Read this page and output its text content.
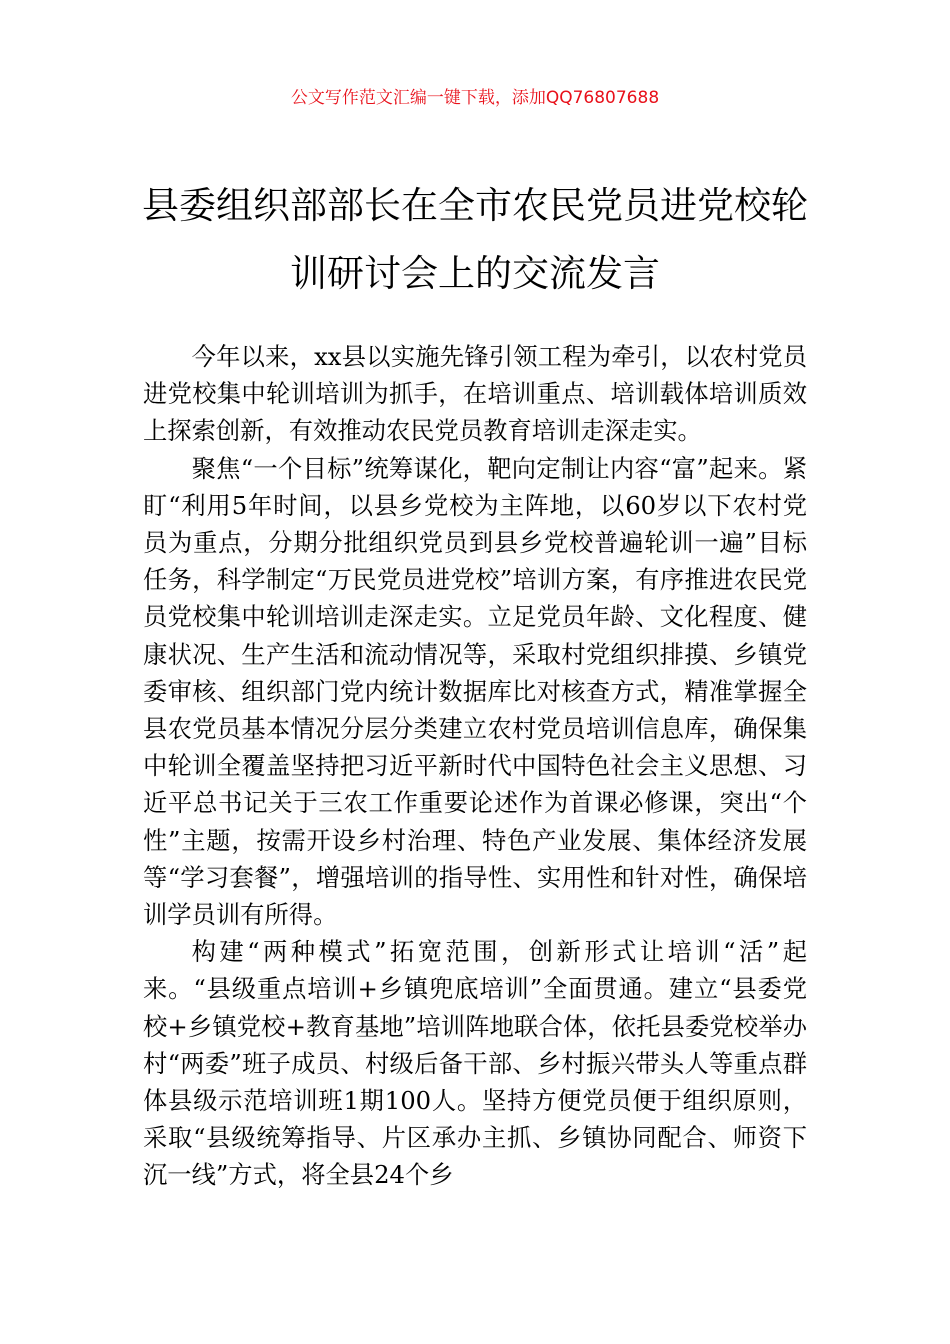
公文写作范文汇编一键下载，添加QQ76807688
县委组织部部长在全市农民党员进党校轮
训研讨会上的交流发言

今年以来，xx县以实施先锋引领工程为牵引，以农村党员进党校集中轮训培训为抓手，在培训重点、培训载体培训质效上探索创新，有效推动农民党员教育培训走深走实。

聚焦“一个目标”统筹谋化，靶向定制让内容“富”起来。紧盯“利用5年时间，以县乡党校为主阵地，以60岁以下农村党员为重点，分期分批组织党员到县乡党校普遍轮训一遍”目标任务，科学制定“万民党员进党校”培训方案，有序推进农民党员党校集中轮训培训走深走实。立足党员年龄、文化程度、健康状况、生产生活和流动情况等，采取村党组织排摸、乡镇党委审核、组织部门党内统计数据库比对核查方式，精准掌握全县农党员基本情况分层分类建立农村党员培训信息库，确保集中轮训全覆盖坚持把习近平新时代中国特色社会主义思想、习近平总书记关于三农工作重要论述作为首课必修课，突出“个性”主题，按需开设乡村治理、特色产业发展、集体经济发展等“学习套餐”，增强培训的指导性、实用性和针对性，确保培训学员训有所得。

构建“两种模式”拓宽范围，创新形式让培训“活”起来。“县级重点培训+乡镇兜底培训”全面贯通。建立“县委党校+乡镇党校+教育基地”培训阵地联合体，依托县委党校举办村“两委”班子成员、村级后备干部、乡村振兴带头人等重点群体县级示范培训班1期100人。坚持方便党员便于组织原则，采取“县级统筹指导、片区承办主抓、乡镇协同配合、师资下沉一线”方式，将全县24个乡
